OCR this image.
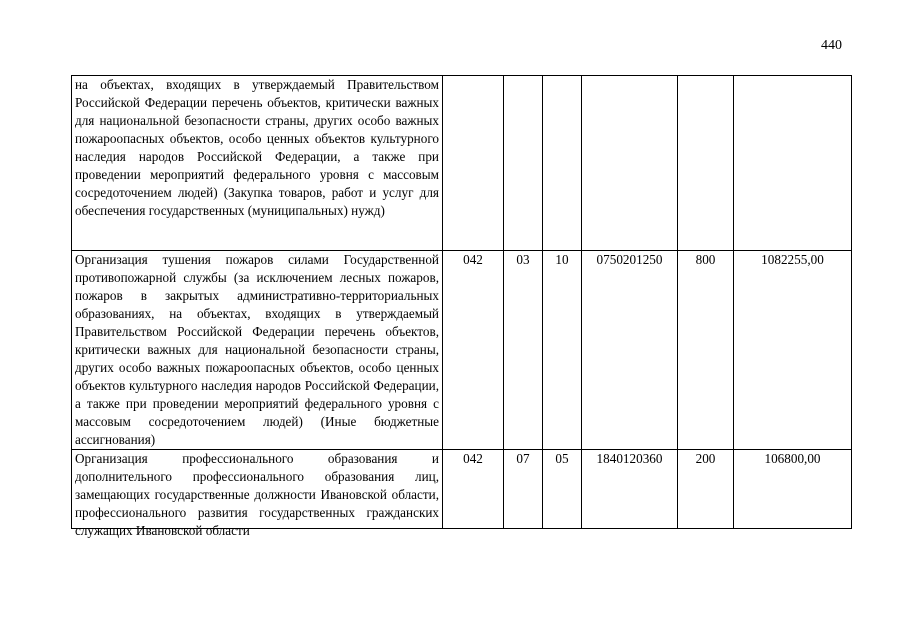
440
на объектах, входящих в утверждаемый Правительством Российской Федерации перечень объектов, критически важных для национальной безопасности страны, других особо важных пожароопасных объектов, особо ценных объектов культурного наследия народов Российской Федерации, а также при проведении мероприятий федерального уровня с массовым сосредоточением людей) (Закупка товаров, работ и услуг для обеспечения государственных (муниципальных) нужд)						
Организация тушения пожаров силами Государственной противопожарной службы (за исключением лесных пожаров, пожаров в закрытых административно-территориальных образованиях, на объектах, входящих в утверждаемый Правительством Российской Федерации перечень объектов, критически важных для национальной безопасности страны, других особо важных пожароопасных объектов, особо ценных объектов культурного наследия народов Российской Федерации, а также при проведении мероприятий федерального уровня с массовым сосредоточением людей) (Иные бюджетные ассигнования)	042	03	10	0750201250	800	1082255,00

Организация профессионального образования и дополнительного профессионального образования лиц, замещающих государственные должности Ивановской области, профессионального развития государственных гражданских служащих Ивановской области	042	07	05	1840120360	200	106800,00
